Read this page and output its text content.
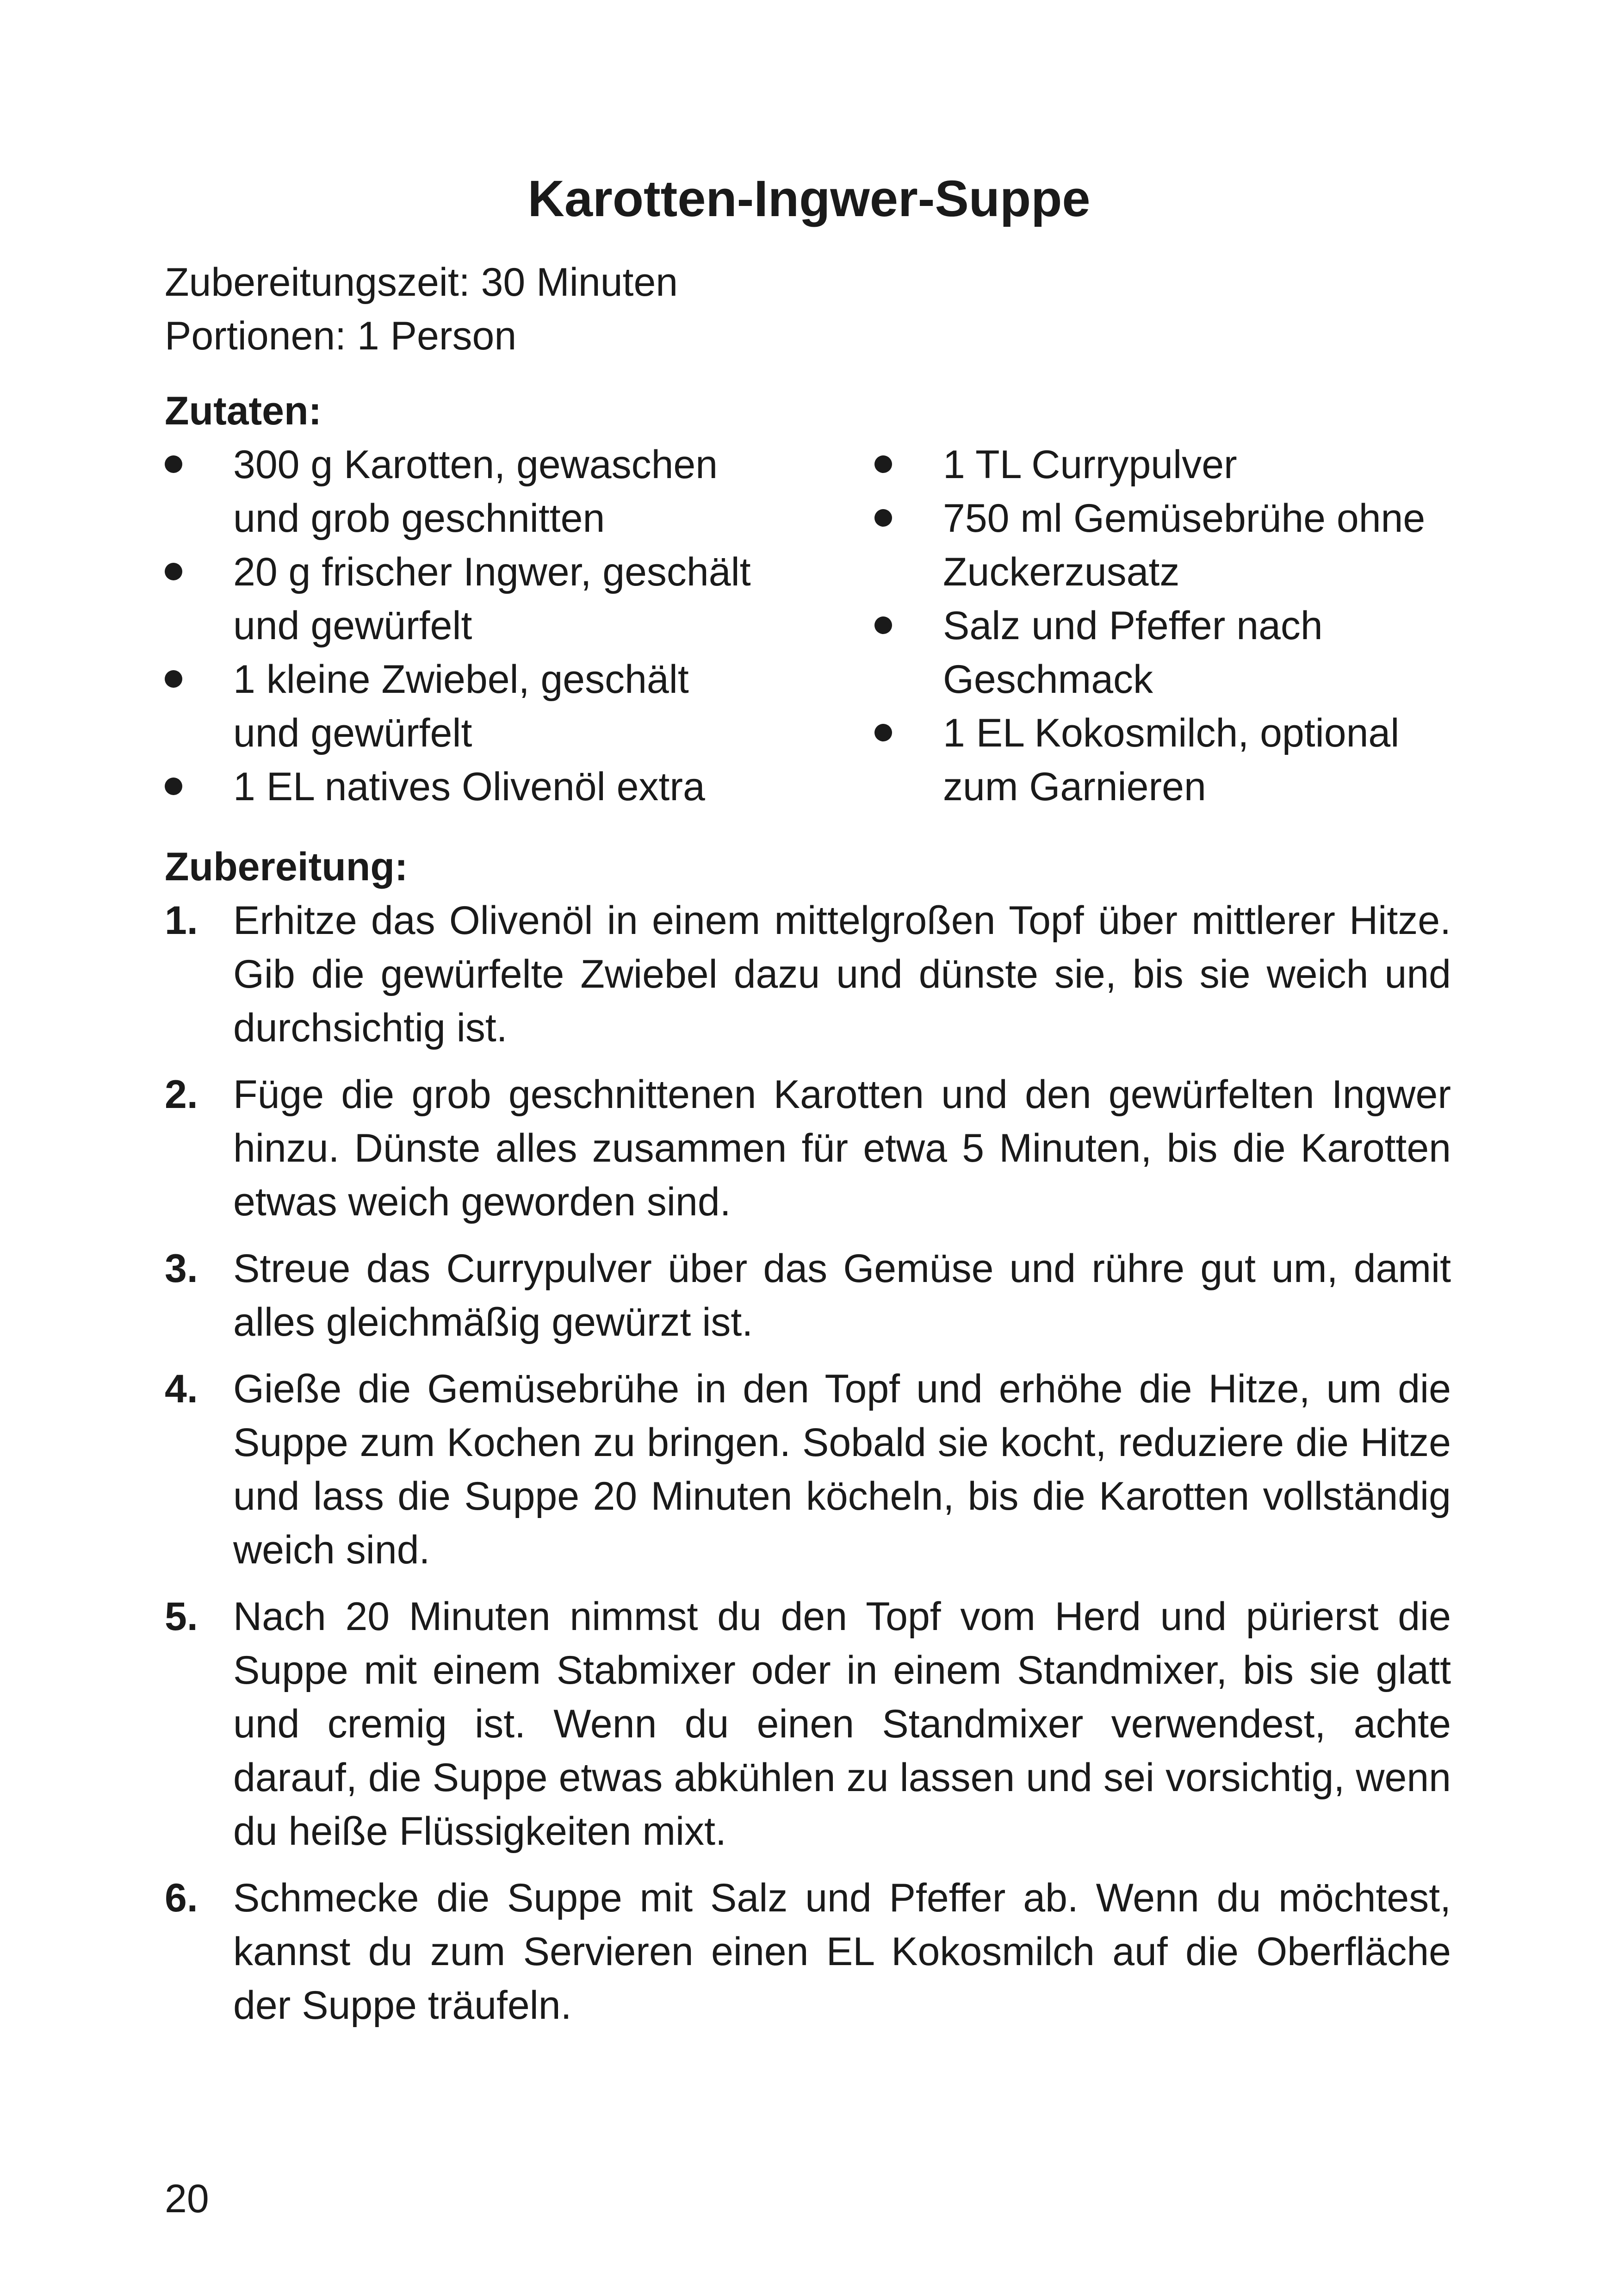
Karotten-Ingwer-Suppe
Zubereitungszeit: 30 Minuten
Portionen: 1 Person
Zutaten:
300 g Karotten, gewaschen und grob geschnitten
20 g frischer Ingwer, geschält und gewürfelt
1 kleine Zwiebel, geschält und gewürfelt
1 EL natives Olivenöl extra
1 TL Currypulver
750 ml Gemüsebrühe ohne Zuckerzusatz
Salz und Pfeffer nach Geschmack
1 EL Kokosmilch, optional zum Garnieren
Zubereitung:
1. Erhitze das Olivenöl in einem mittelgroßen Topf über mittlerer Hitze. Gib die gewürfelte Zwiebel dazu und dünste sie, bis sie weich und durchsichtig ist.
2. Füge die grob geschnittenen Karotten und den gewürfelten Ingwer hinzu. Dünste alles zusammen für etwa 5 Minuten, bis die Karotten etwas weich geworden sind.
3. Streue das Currypulver über das Gemüse und rühre gut um, damit alles gleichmäßig gewürzt ist.
4. Gieße die Gemüsebrühe in den Topf und erhöhe die Hitze, um die Suppe zum Kochen zu bringen. Sobald sie kocht, reduziere die Hitze und lass die Suppe 20 Minuten köcheln, bis die Karotten vollständig weich sind.
5. Nach 20 Minuten nimmst du den Topf vom Herd und pürierst die Suppe mit einem Stabmixer oder in einem Standmixer, bis sie glatt und cremig ist. Wenn du einen Standmixer verwendest, achte darauf, die Suppe etwas abkühlen zu lassen und sei vorsichtig, wenn du heiße Flüssigkeiten mixt.
6. Schmecke die Suppe mit Salz und Pfeffer ab. Wenn du möchtest, kannst du zum Servieren einen EL Kokosmilch auf die Oberfläche der Suppe träufeln.
20
